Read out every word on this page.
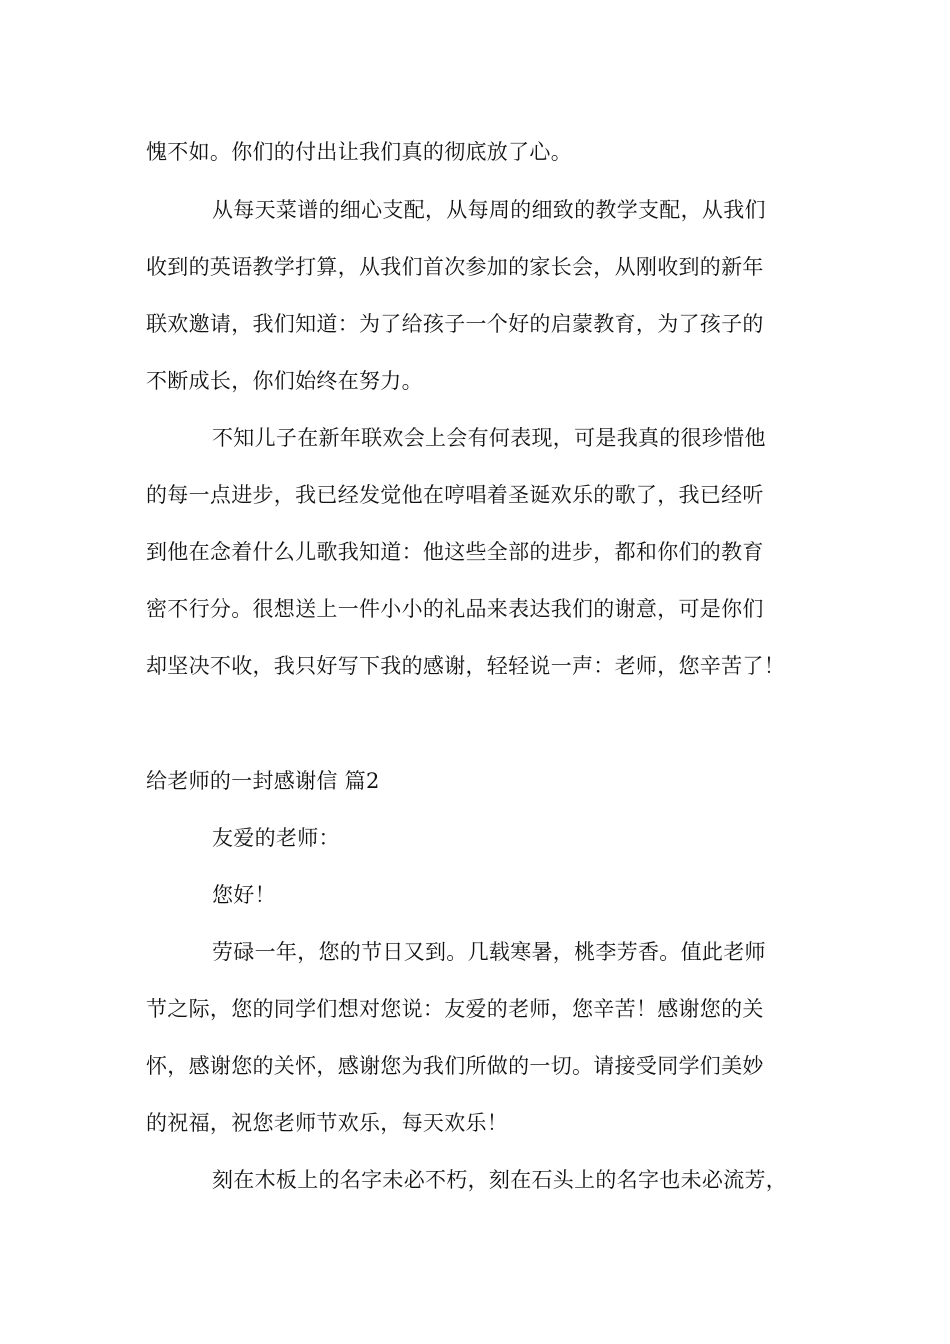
愧不如。你们的付出让我们真的彻底放了心。
从每天菜谱的细心支配，从每周的细致的教学支配，从我们
收到的英语教学打算，从我们首次参加的家长会，从刚收到的新年
联欢邀请，我们知道：为了给孩子一个好的启蒙教育，为了孩子的
不断成长，你们始终在努力。
不知儿子在新年联欢会上会有何表现，可是我真的很珍惜他
的每一点进步，我已经发觉他在哼唱着圣诞欢乐的歌了，我已经听
到他在念着什么儿歌我知道：他这些全部的进步，都和你们的教育
密不行分。很想送上一件小小的礼品来表达我们的谢意，可是你们
却坚决不收，我只好写下我的感谢，轻轻说一声：老师，您辛苦了！
给老师的一封感谢信 篇2
友爱的老师：
您好！
劳碌一年，您的节日又到。几载寒暑，桃李芳香。值此老师
节之际，您的同学们想对您说：友爱的老师，您辛苦！感谢您的关
怀，感谢您的关怀，感谢您为我们所做的一切。请接受同学们美妙
的祝福，祝您老师节欢乐，每天欢乐！
刻在木板上的名字未必不朽，刻在石头上的名字也未必流芳，
